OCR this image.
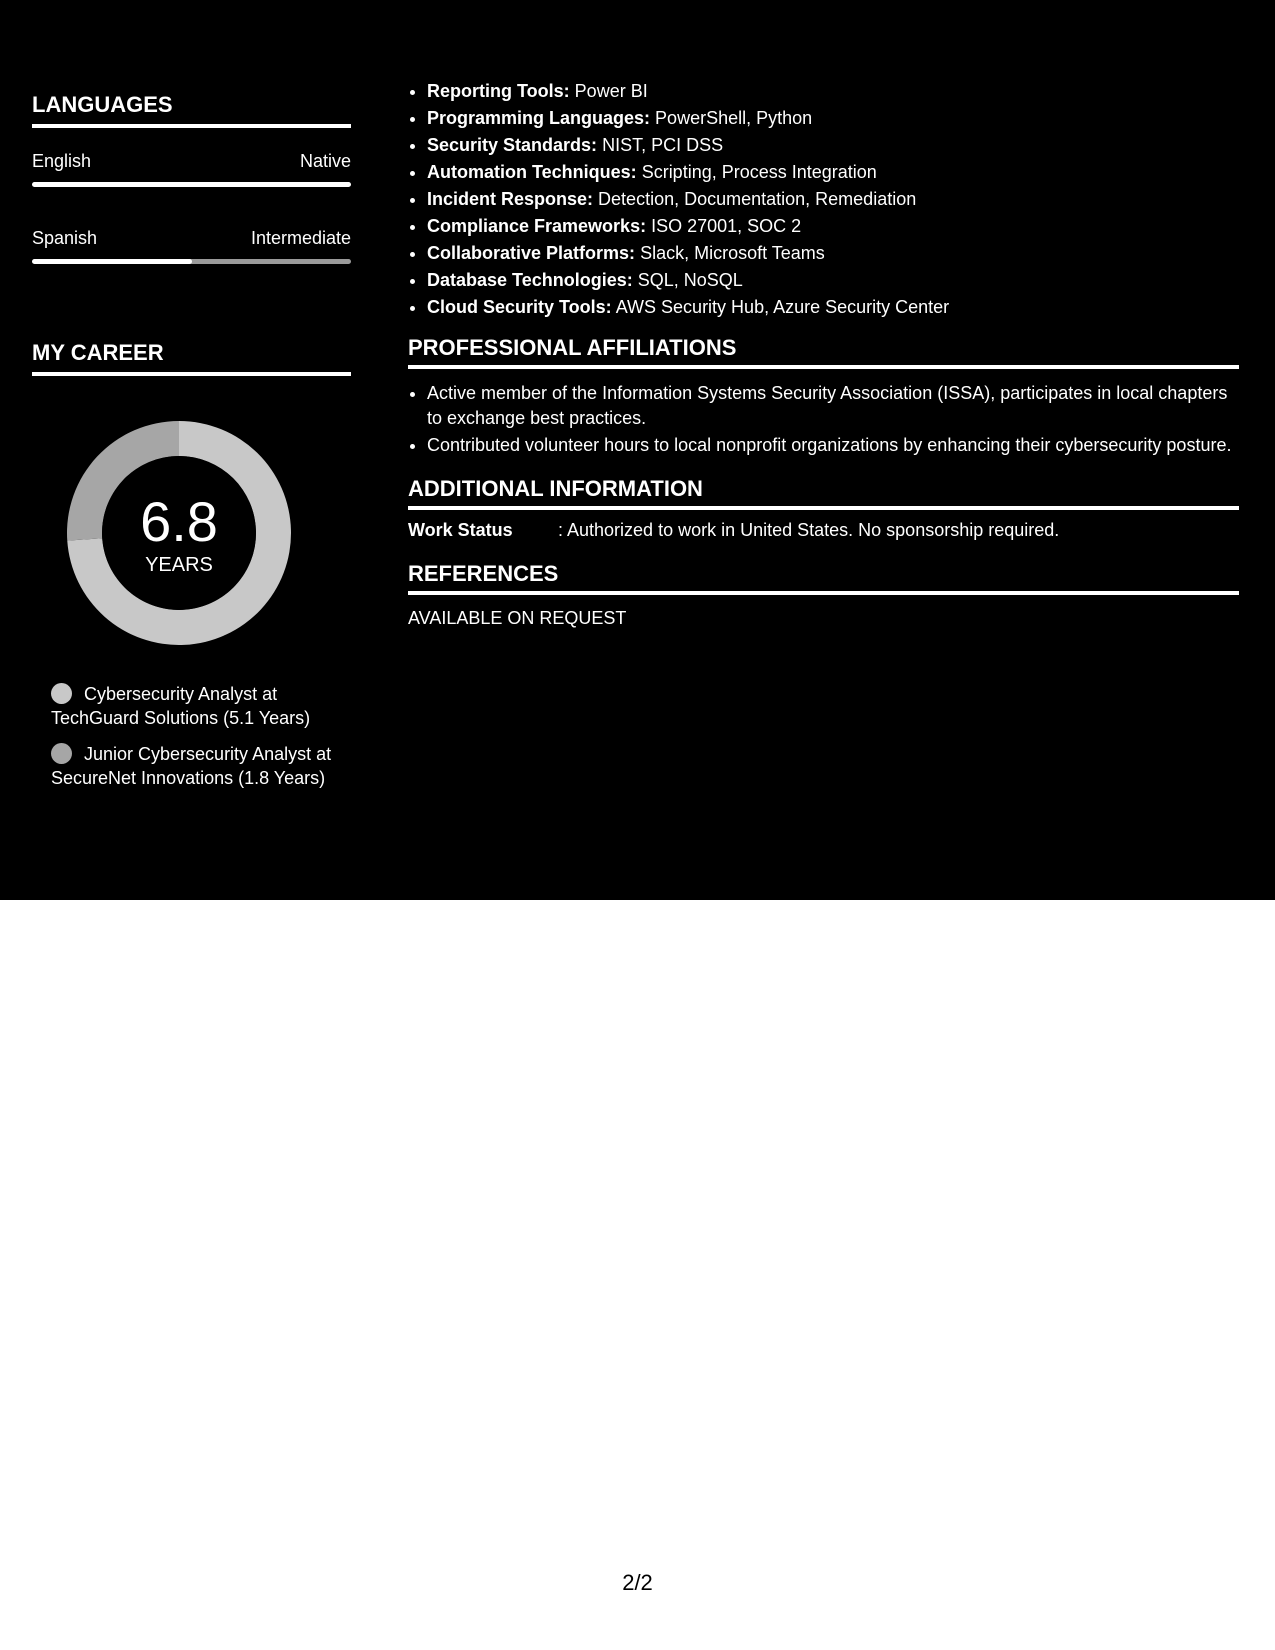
LANGUAGES
English	Native
Spanish	Intermediate
MY CAREER
6.8
YEARS
Cybersecurity Analyst at TechGuard Solutions (5.1 Years)
Junior Cybersecurity Analyst at SecureNet Innovations (1.8 Years)
• Reporting Tools: Power BI
• Programming Languages: PowerShell, Python
• Security Standards: NIST, PCI DSS
• Automation Techniques: Scripting, Process Integration
• Incident Response: Detection, Documentation, Remediation
• Compliance Frameworks: ISO 27001, SOC 2
• Collaborative Platforms: Slack, Microsoft Teams
• Database Technologies: SQL, NoSQL
• Cloud Security Tools: AWS Security Hub, Azure Security Center
PROFESSIONAL AFFILIATIONS
• Active member of the Information Systems Security Association (ISSA), participates in local chapters to exchange best practices.
• Contributed volunteer hours to local nonprofit organizations by enhancing their cybersecurity posture.
ADDITIONAL INFORMATION
Work Status	: Authorized to work in United States. No sponsorship required.
REFERENCES
AVAILABLE ON REQUEST
2/2
